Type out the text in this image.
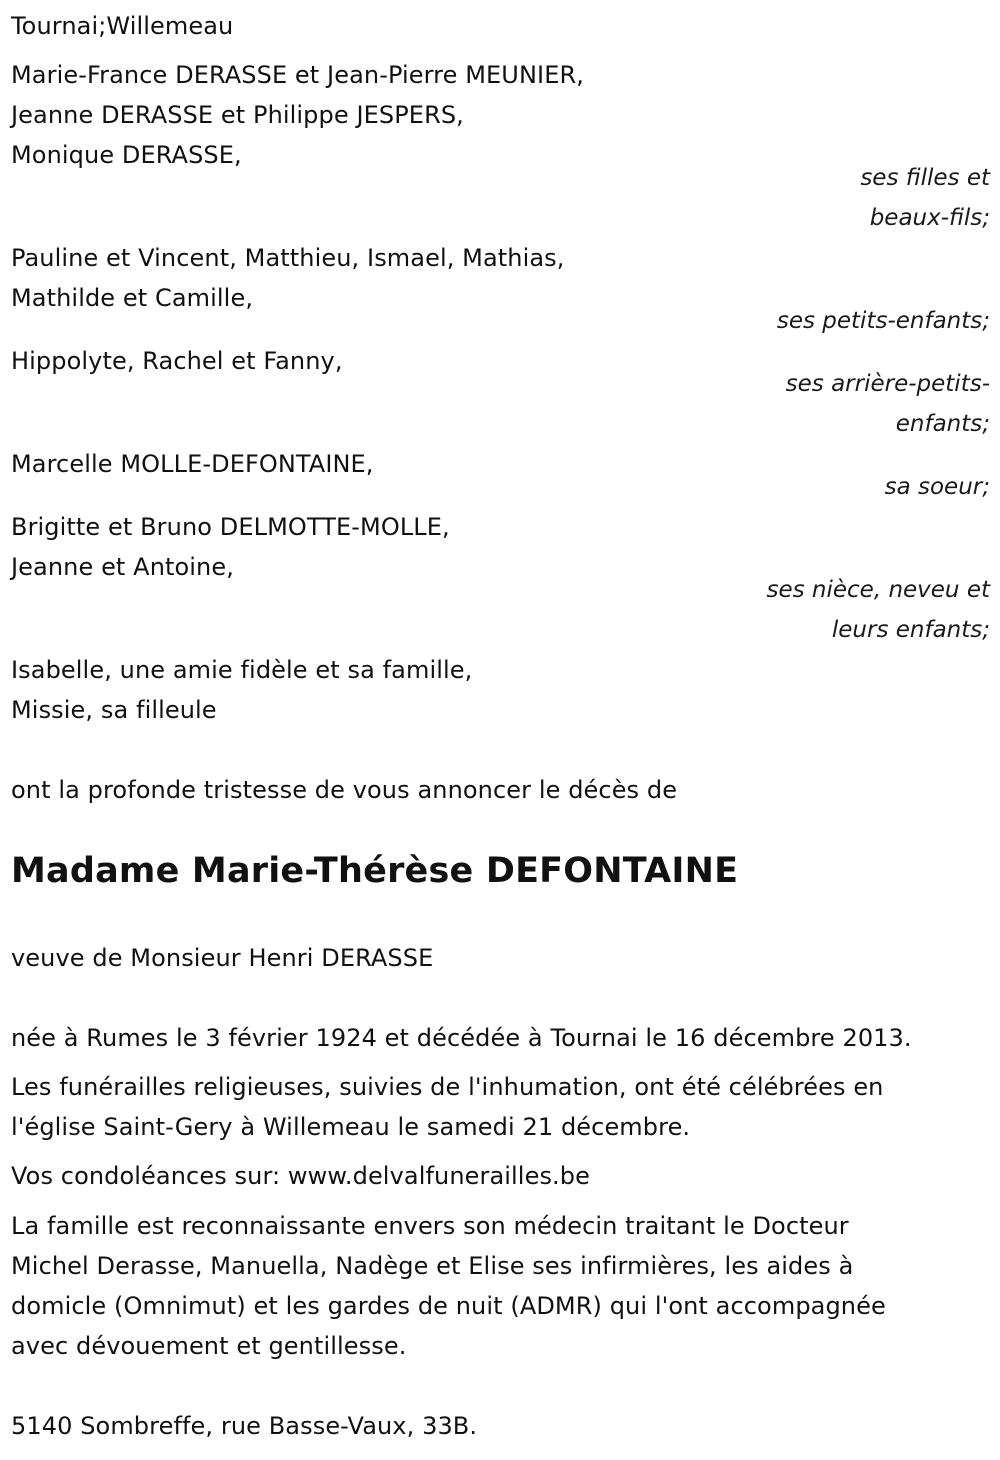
Tournai;Willemeau
Marie-France DERASSE et Jean-Pierre MEUNIER,
Jeanne DERASSE et Philippe JESPERS,
Monique DERASSE,
ses filles et
beaux-fils;
Pauline et Vincent, Matthieu, Ismael, Mathias,
Mathilde et Camille,
ses petits-enfants;
Hippolyte, Rachel et Fanny,
ses arrière-petits-
enfants;
Marcelle MOLLE-DEFONTAINE,
sa soeur;
Brigitte et Bruno DELMOTTE-MOLLE,
Jeanne et Antoine,
ses nièce, neveu et
leurs enfants;
Isabelle, une amie fidèle et sa famille,
Missie, sa filleule
ont la profonde tristesse de vous annoncer le décès de
Madame Marie-Thérèse DEFONTAINE
veuve de Monsieur Henri DERASSE
née à Rumes le 3 février 1924 et décédée à Tournai le 16 décembre 2013.
Les funérailles religieuses, suivies de l'inhumation, ont été célébrées en
l'église Saint-Gery à Willemeau le samedi 21 décembre.
Vos condoléances sur: www.delvalfunerailles.be
La famille est reconnaissante envers son médecin traitant le Docteur
Michel Derasse, Manuella, Nadège et Elise ses infirmières, les aides à
domicle (Omnimut) et les gardes de nuit (ADMR) qui l'ont accompagnée
avec dévouement et gentillesse.
5140 Sombreffe, rue Basse-Vaux, 33B.
